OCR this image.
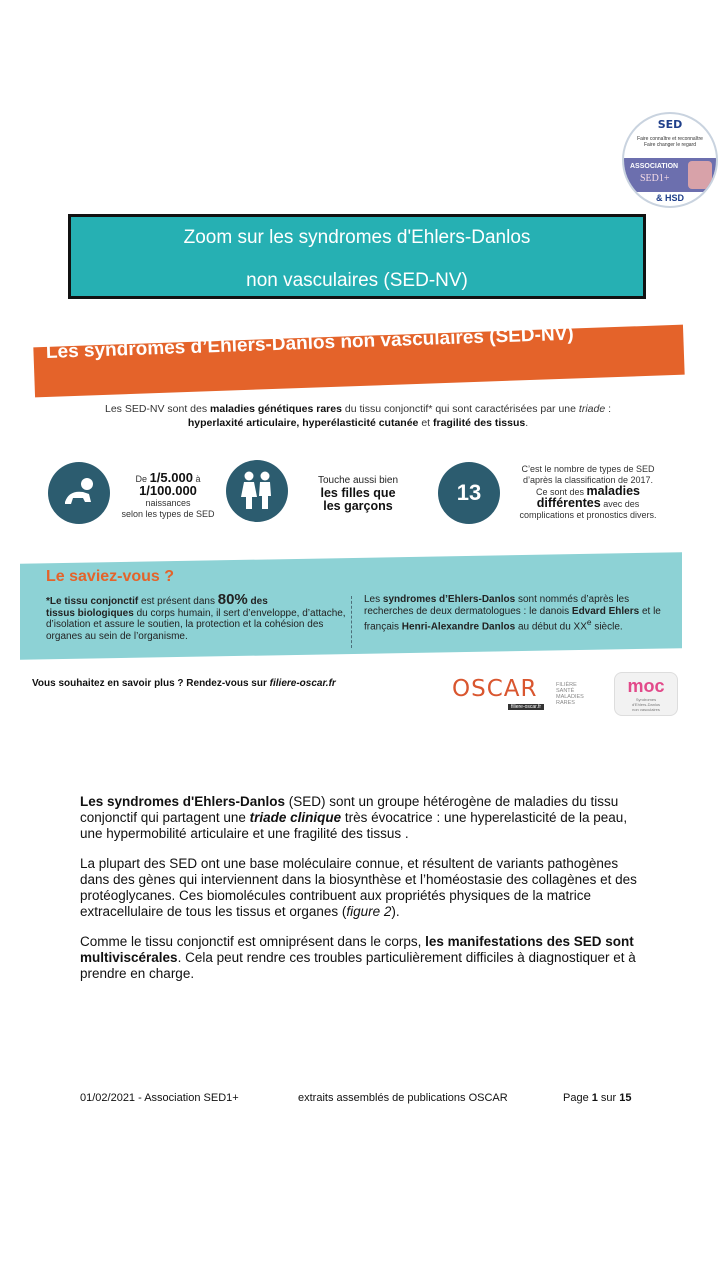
SED
Faire connaître et reconnaître
Faire changer le regard
ASSOCIATION
SED1+
& HSD
Zoom sur les syndromes d'Ehlers-Danlos
non vasculaires (SED-NV)
Les syndromes d’Ehlers-Danlos non vasculaires (SED-NV)
Les SED-NV sont des maladies génétiques rares du tissu conjonctif* qui sont caractérisées par une triade :
hyperlaxité articulaire, hyperélasticité cutanée et fragilité des tissus.
De 1/5.000 à
1/100.000
naissances
selon les types de SED
Touche aussi bien
les filles que
les garçons
13
C’est le nombre de types de SED
d’après la classification de 2017.
Ce sont des maladies
différentes avec des
complications et pronostics divers.
Le saviez-vous ?
*Le tissu conjonctif est présent dans 80% des
tissus biologiques du corps humain, il sert d’enveloppe, d’attache, d’isolation et assure le soutien, la protection et la cohésion des organes au sein de l’organisme.
Les syndromes d’Ehlers-Danlos sont nommés d’après les recherches de deux dermatologues : le danois Edvard Ehlers et le français Henri-Alexandre Danlos au début du XXe siècle.
Vous souhaitez en savoir plus ? Rendez-vous sur filiere-oscar.fr	OSCAR	FILIÈRE
SANTÉ
MALADIES
RARES
filiere-oscar.fr
moc
Syndromes
d'Ehlers-Danlos
non vasculaires
Les syndromes d'Ehlers-Danlos (SED) sont un groupe hétérogène de maladies du tissu conjonctif qui partagent une triade clinique très évocatrice : une hyperelasticité de la peau, une hypermobilité articulaire et une fragilité des tissus .
La plupart des SED ont une base moléculaire connue, et résultent de variants pathogènes dans des gènes qui interviennent dans la biosynthèse et l’homéostasie des collagènes et des protéoglycanes. Ces biomolécules contribuent aux propriétés physiques de la matrice extracellulaire de tous les tissus et organes (figure 2).
Comme le tissu conjonctif est omniprésent dans le corps, les manifestations des SED sont multiviscérales. Cela peut rendre ces troubles particulièrement difficiles à diagnostiquer et à prendre en charge.
01/02/2021 - Association SED1+	extraits assemblés de publications OSCAR	Page 1 sur 15
